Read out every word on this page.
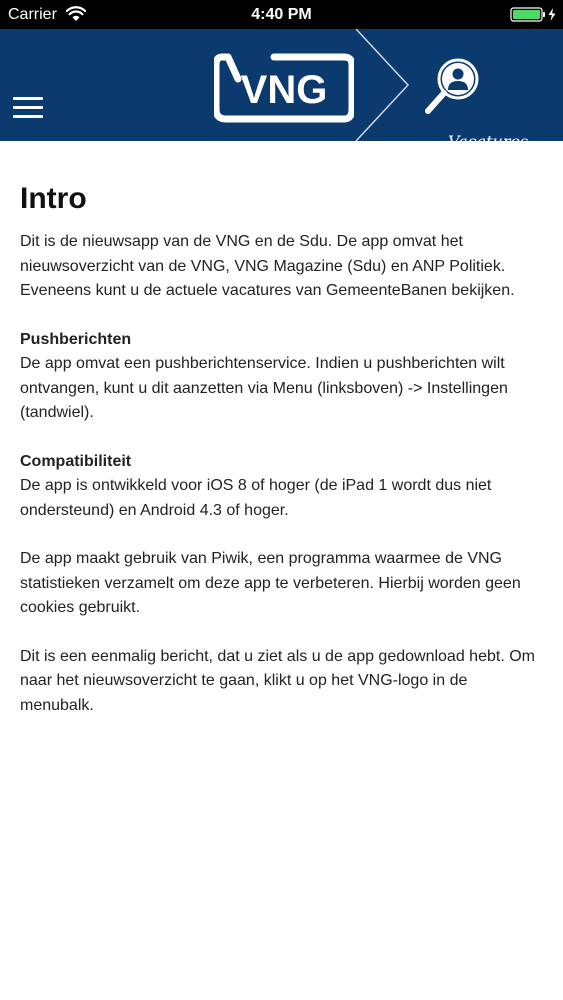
Carrier	4:40 PM
VNG
Vacatures
Intro

Dit is de nieuwsapp van de VNG en de Sdu. De app omvat het nieuwsoverzicht van de VNG, VNG Magazine (Sdu) en ANP Politiek. Eveneens kunt u de actuele vacatures van GemeenteBanen bekijken.

Pushberichten
De app omvat een pushberichtenservice. Indien u pushberichten wilt ontvangen, kunt u dit aanzetten via Menu (linksboven) -> Instellingen (tandwiel).

Compatibiliteit
De app is ontwikkeld voor iOS 8 of hoger (de iPad 1 wordt dus niet ondersteund) en Android 4.3 of hoger.

De app maakt gebruik van Piwik, een programma waarmee de VNG statistieken verzamelt om deze app te verbeteren. Hierbij worden geen cookies gebruikt.

Dit is een eenmalig bericht, dat u ziet als u de app gedownload hebt. Om naar het nieuwsoverzicht te gaan, klikt u op het VNG-logo in de menubalk.
